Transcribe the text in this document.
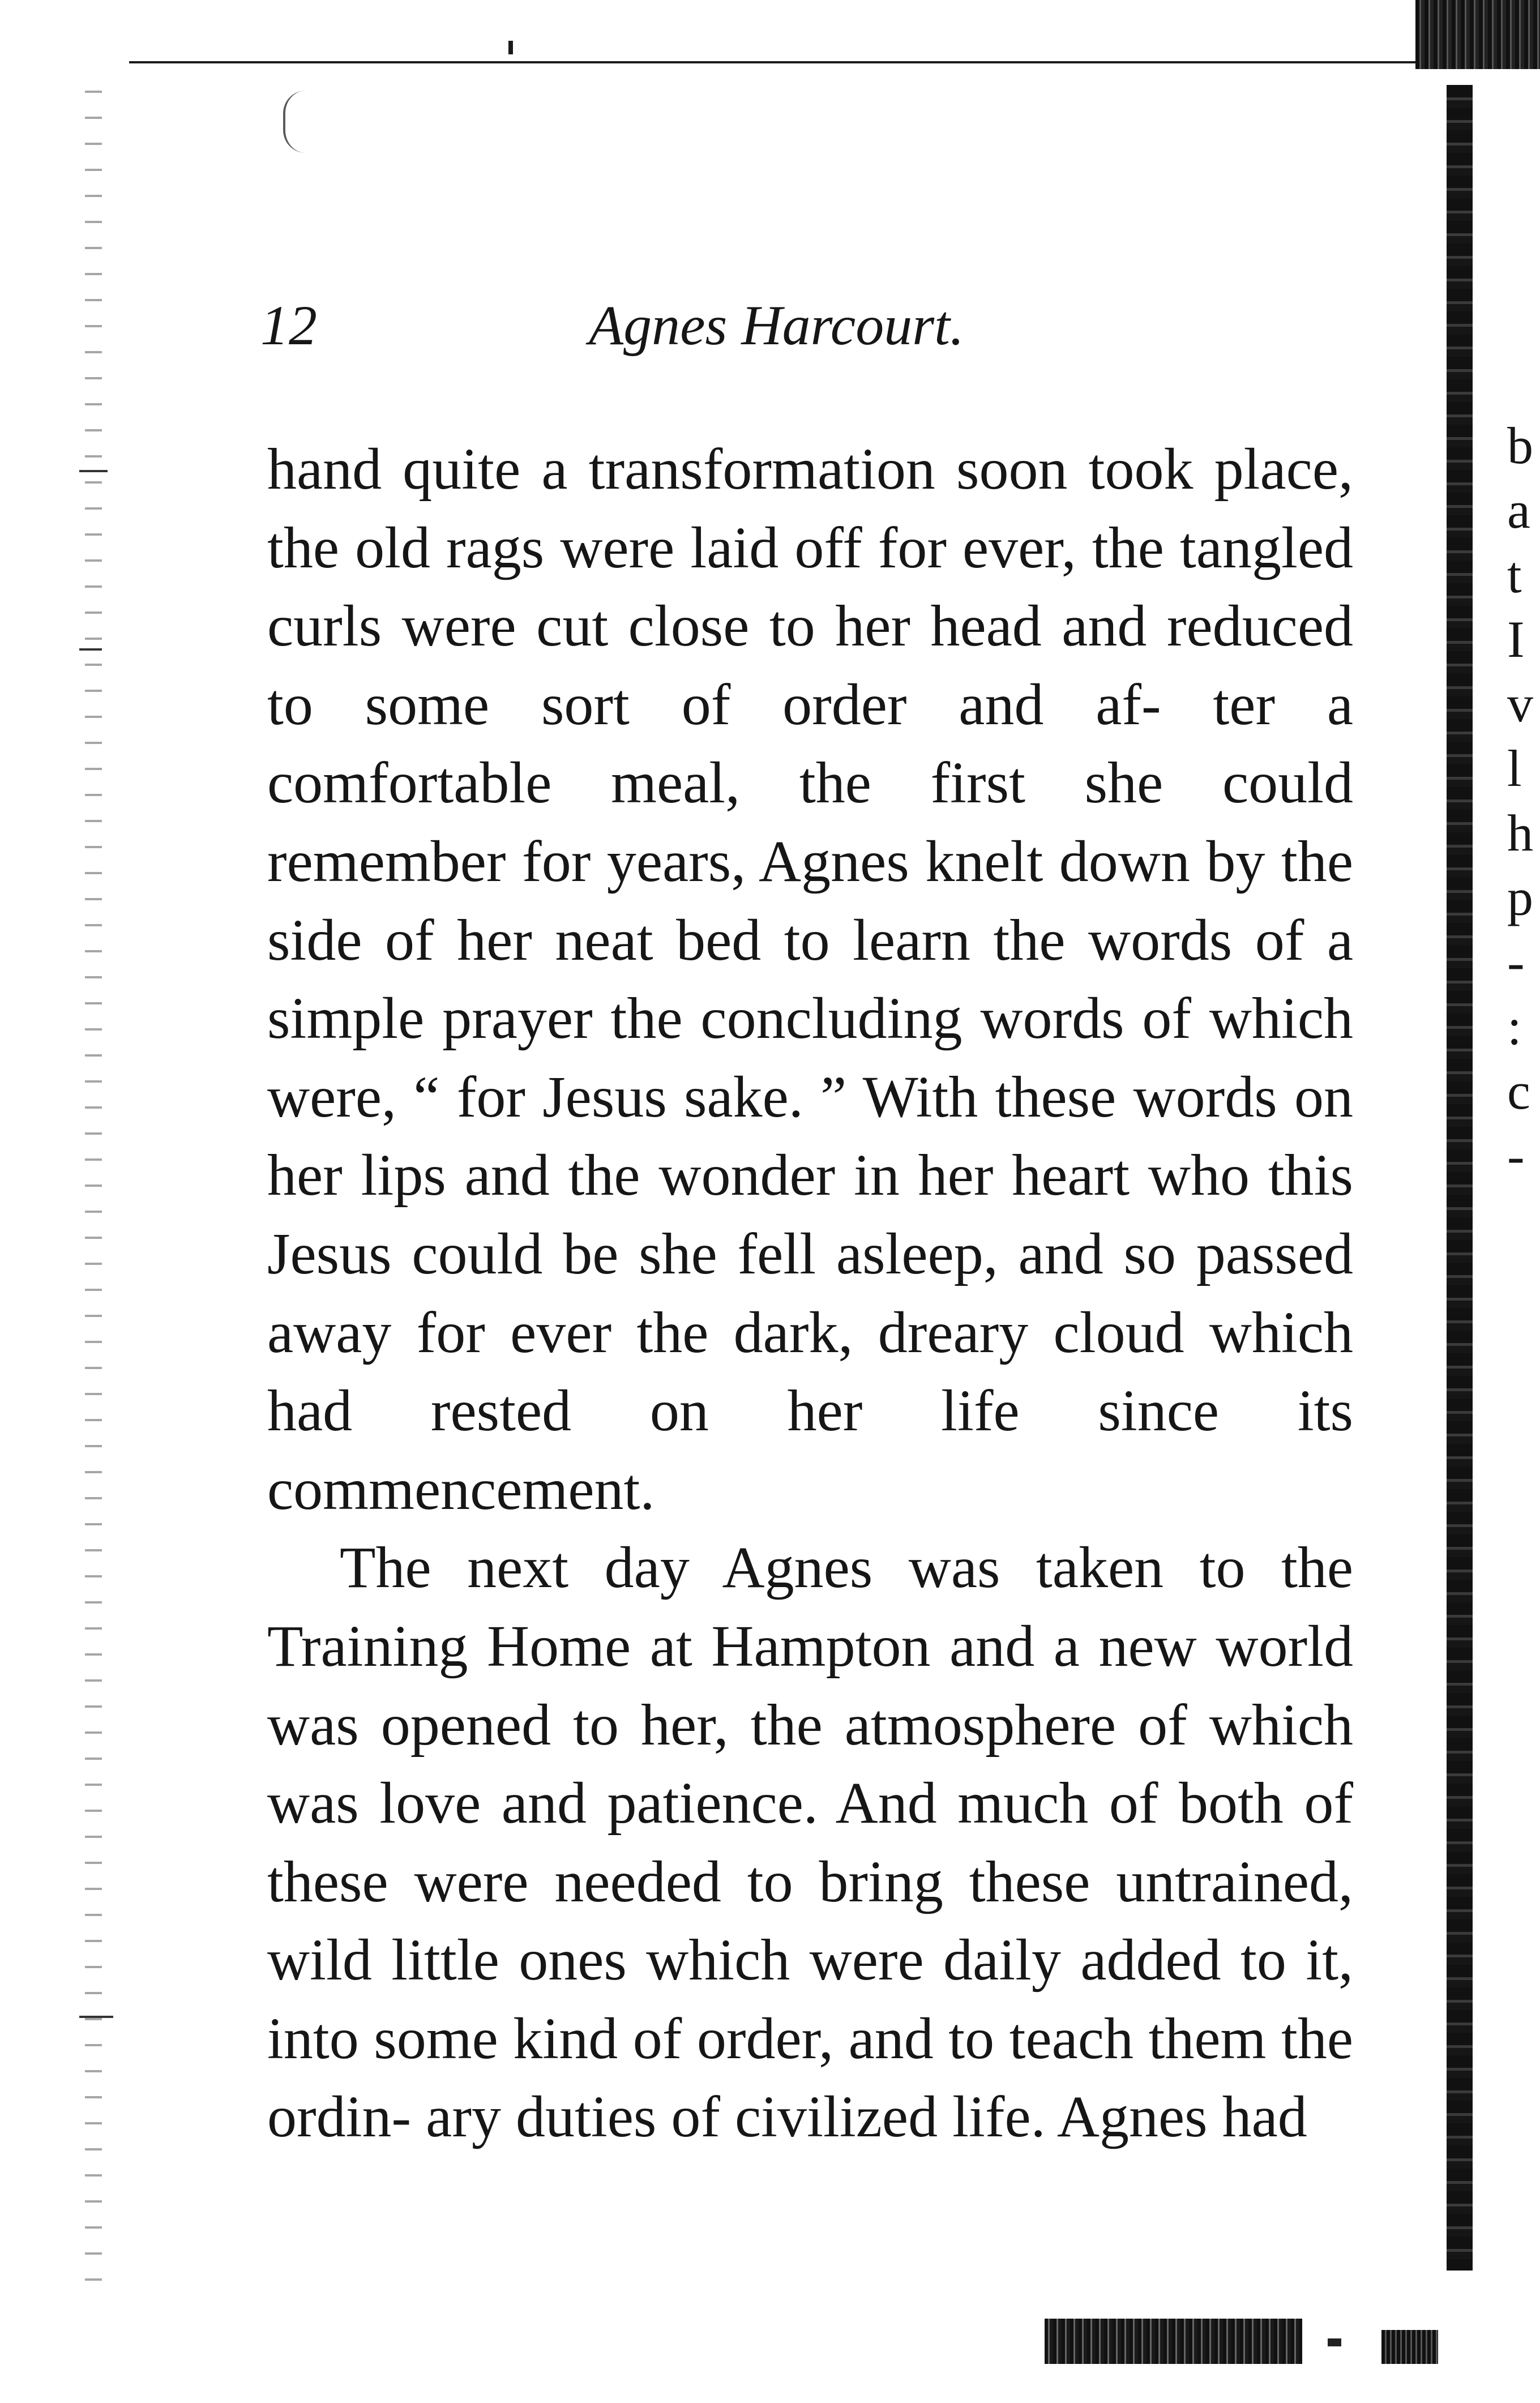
12	Agnes Harcourt.

hand quite a transformation soon took place, the old rags were laid off for ever, the tangled curls were cut close to her head and reduced to some sort of order and af- ter a comfortable meal, the first she could remember for years, Agnes knelt down by the side of her neat bed to learn the words of a simple prayer the concluding words of which were, “ for Jesus sake. ” With these words on her lips and the wonder in her heart who this Jesus could be she fell asleep, and so passed away for ever the dark, dreary cloud which had rested on her life since its commencement.

The next day Agnes was taken to the Training Home at Hampton and a new world was opened to her, the atmosphere of which was love and patience. And much of both of these were needed to bring these untrained, wild little ones which were daily added to it, into some kind of order, and to teach them the ordin- ary duties of civilized life. Agnes had

b
a
t
I
v
l
h
p
-
:
c
-
